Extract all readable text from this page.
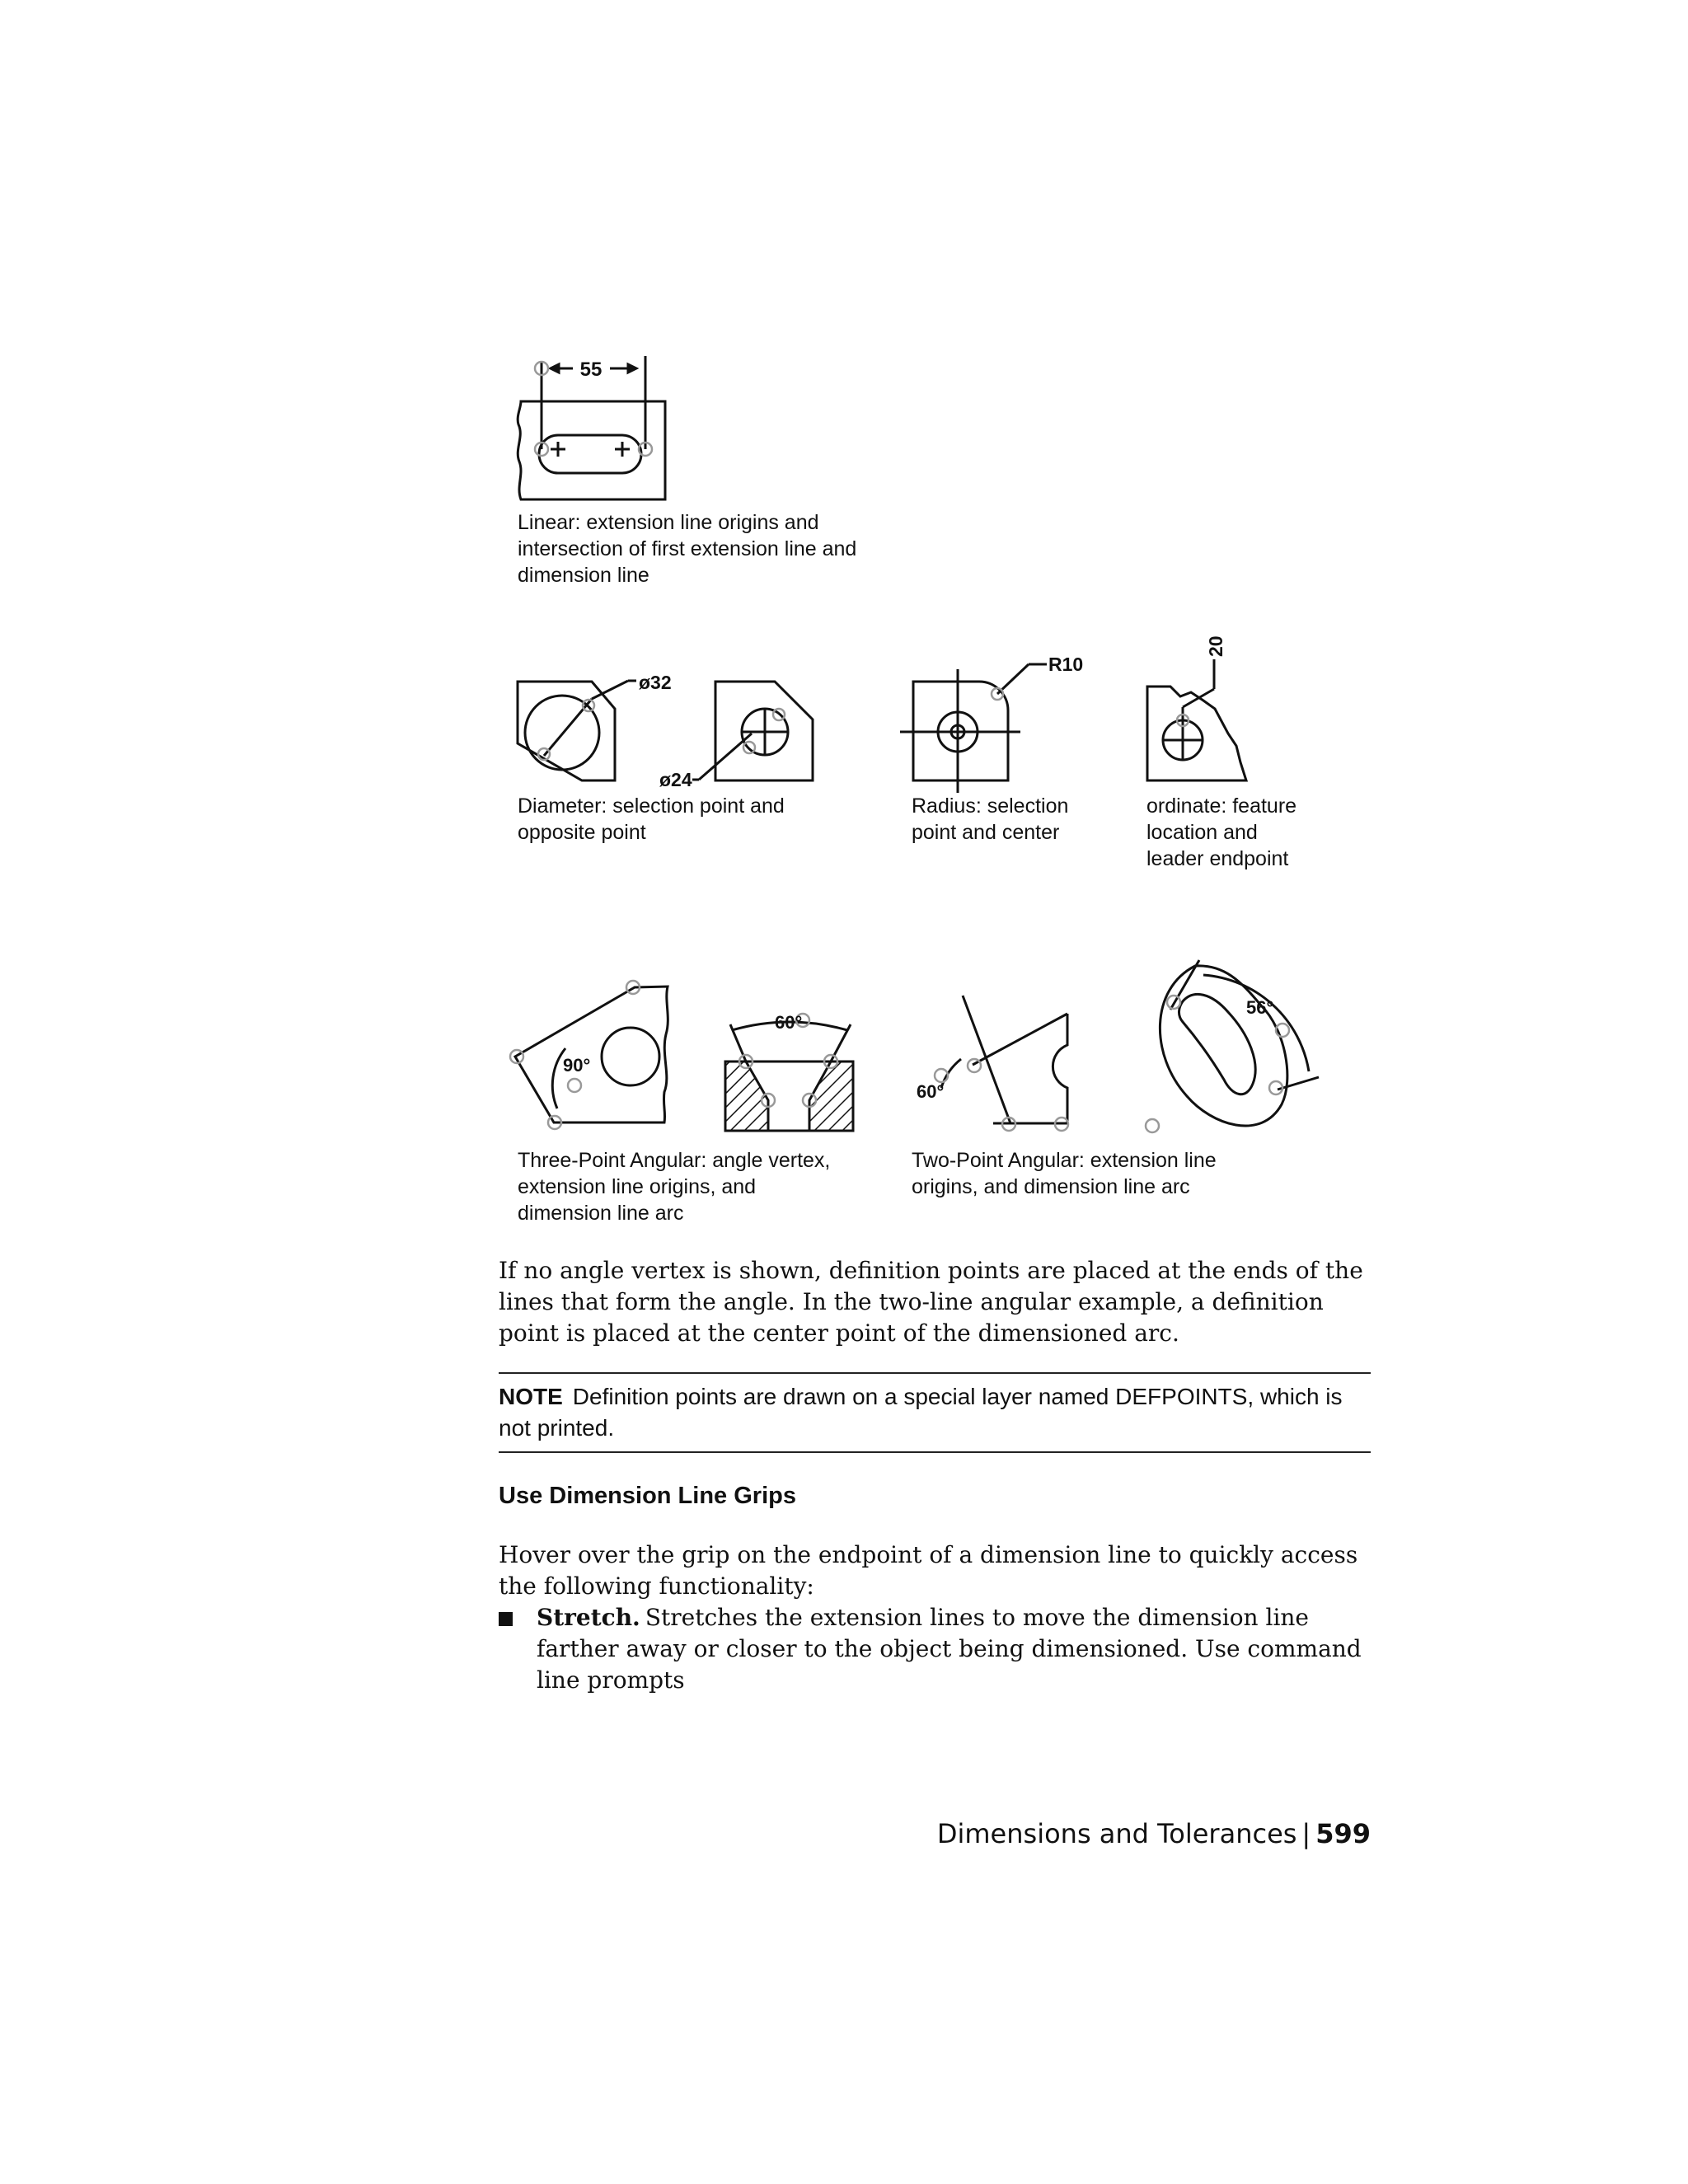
55
ø32
ø24
R10
20
90°
60°
60°
56°
Linear: extension line origins and
intersection of first extension line and
dimension line
Diameter: selection point and
opposite point
Radius: selection
point and center
ordinate: feature
location and
leader endpoint
Three-Point Angular: angle vertex,
extension line origins, and
dimension line arc
Two-Point Angular: extension line
origins, and dimension line arc

If no angle vertex is shown, definition points are placed at the ends of the lines that form the angle. In the two-line angular example, a definition point is placed at the center point of the dimensioned arc.

NOTE Definition points are drawn on a special layer named DEFPOINTS, which is not printed.
Use Dimension Line Grips

Hover over the grip on the endpoint of a dimension line to quickly access the following functionality:

Stretch. Stretches the extension lines to move the dimension line farther away or closer to the object being dimensioned. Use command line prompts
Dimensions and Tolerances | 599
